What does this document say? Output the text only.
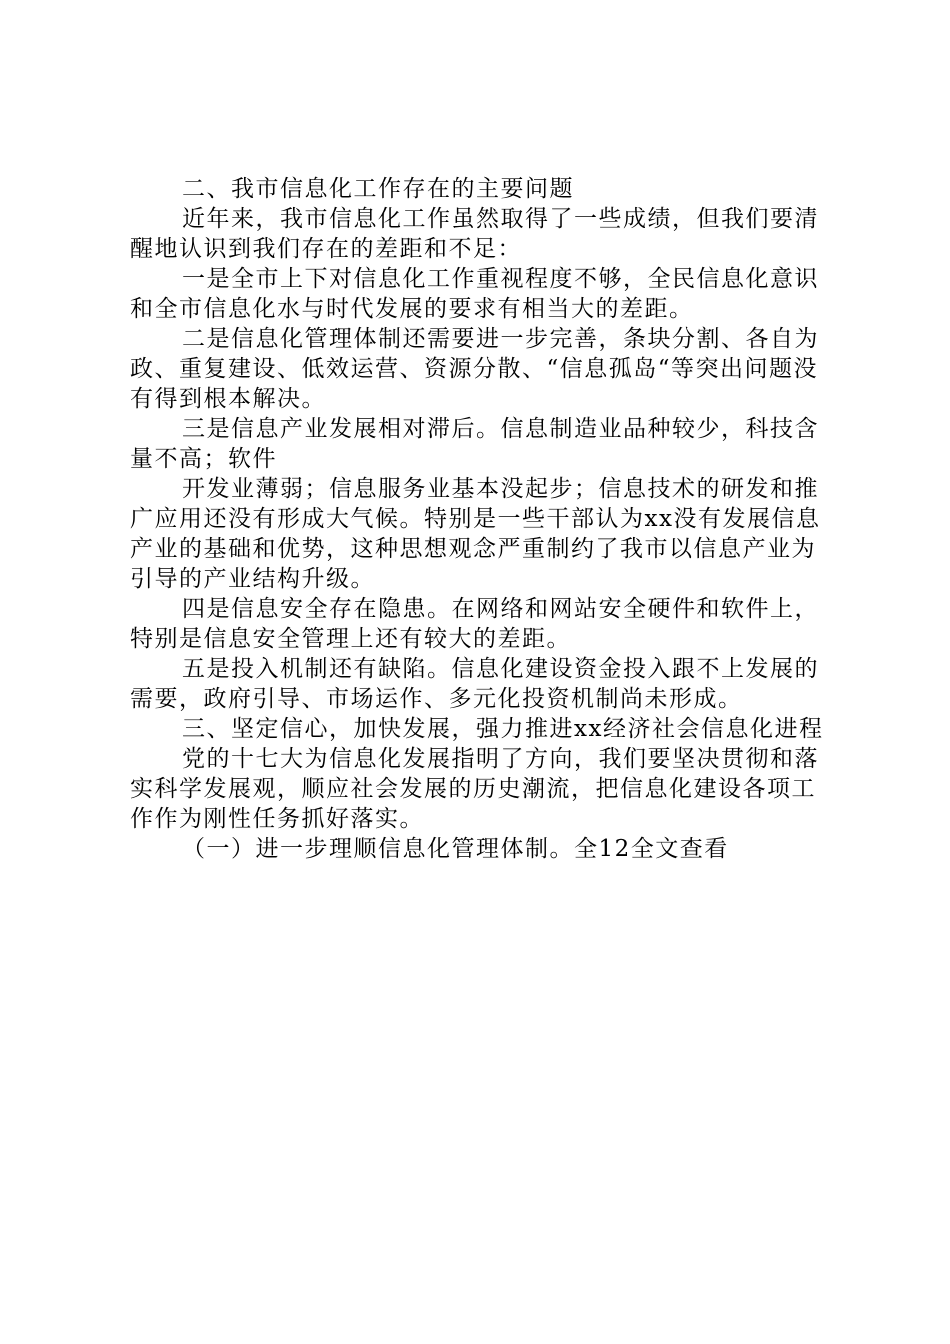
二、我市信息化工作存在的主要问题

近年来，我市信息化工作虽然取得了一些成绩，但我们要清醒地认识到我们存在的差距和不足：

一是全市上下对信息化工作重视程度不够，全民信息化意识和全市信息化水与时代发展的要求有相当大的差距。

二是信息化管理体制还需要进一步完善，条块分割、各自为政、重复建设、低效运营、资源分散、“信息孤岛“等突出问题没有得到根本解决。

三是信息产业发展相对滞后。信息制造业品种较少，科技含量不高；软件

开发业薄弱；信息服务业基本没起步；信息技术的研发和推广应用还没有形成大气候。特别是一些干部认为xx没有发展信息产业的基础和优势，这种思想观念严重制约了我市以信息产业为引导的产业结构升级。

四是信息安全存在隐患。在网络和网站安全硬件和软件上，特别是信息安全管理上还有较大的差距。

五是投入机制还有缺陷。信息化建设资金投入跟不上发展的需要，政府引导、市场运作、多元化投资机制尚未形成。

三、坚定信心，加快发展，强力推进xx经济社会信息化进程

党的十七大为信息化发展指明了方向，我们要坚决贯彻和落实科学发展观，顺应社会发展的历史潮流，把信息化建设各项工作作为刚性任务抓好落实。

（一）进一步理顺信息化管理体制。全12全文查看
